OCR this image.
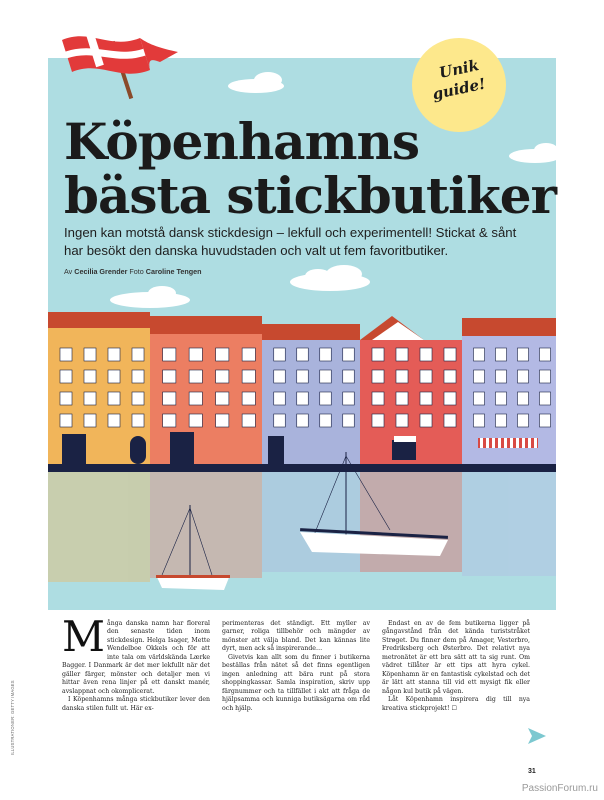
Unik
guide!
Köpenhamns
bästa stickbutiker
Ingen kan motstå dansk stickdesign – lekfull och experimentell! Stickat & sånt har besökt den danska huvudstaden och valt ut fem favoritbutiker.
Av Cecilia Grender Foto Caroline Tengen

Många danska namn har floreral den senaste tiden inom stickdesign. Helga Isager, Mette Wendelboe Okkels och för att inte tala om världskända Lærke Bagger. I Danmark är det mer lekfullt när det gäller färger, mönster och detaljer men vi hittar även rena linjer på ett danskt manér, avslappnat och okomplicerat.

I Köpenhamns många stickbutiker lever den danska stilen fullt ut. Här ex-

perimenteras det ständigt. Ett myller av garner, roliga tillbehör och mängder av mönster att välja bland. Det kan kännas lite dyrt, men ack så inspirerande…

Givetvis kan allt som du finner i butikerna beställas från nätet så det finns egentligen ingen anledning att bära runt på stora shoppingkassar. Samla inspiration, skriv upp färgnummer och ta tillfället i akt att fråga de hjälpsamma och kunniga butiksägarna om råd och hjälp.

Endast en av de fem butikerna ligger på gångavstånd från det kända turiststråket Strøget. Du finner dem på Amager, Vesterbro, Fredriksberg och Østerbro. Det relativt nya metronätet är ett bra sätt att ta sig runt. Om vädret tillåter är ett tips att hyra cykel. Köpenhamn är en fantastisk cykelstad och det är lätt att stanna till vid ett mysigt fik eller någon kul butik på vägen.

Låt Köpenhamn inspirera dig till nya kreativa stickprojekt! ☐

ILLUSTRATIONER: GETTY IMAGES
31
PassionForum.ru
